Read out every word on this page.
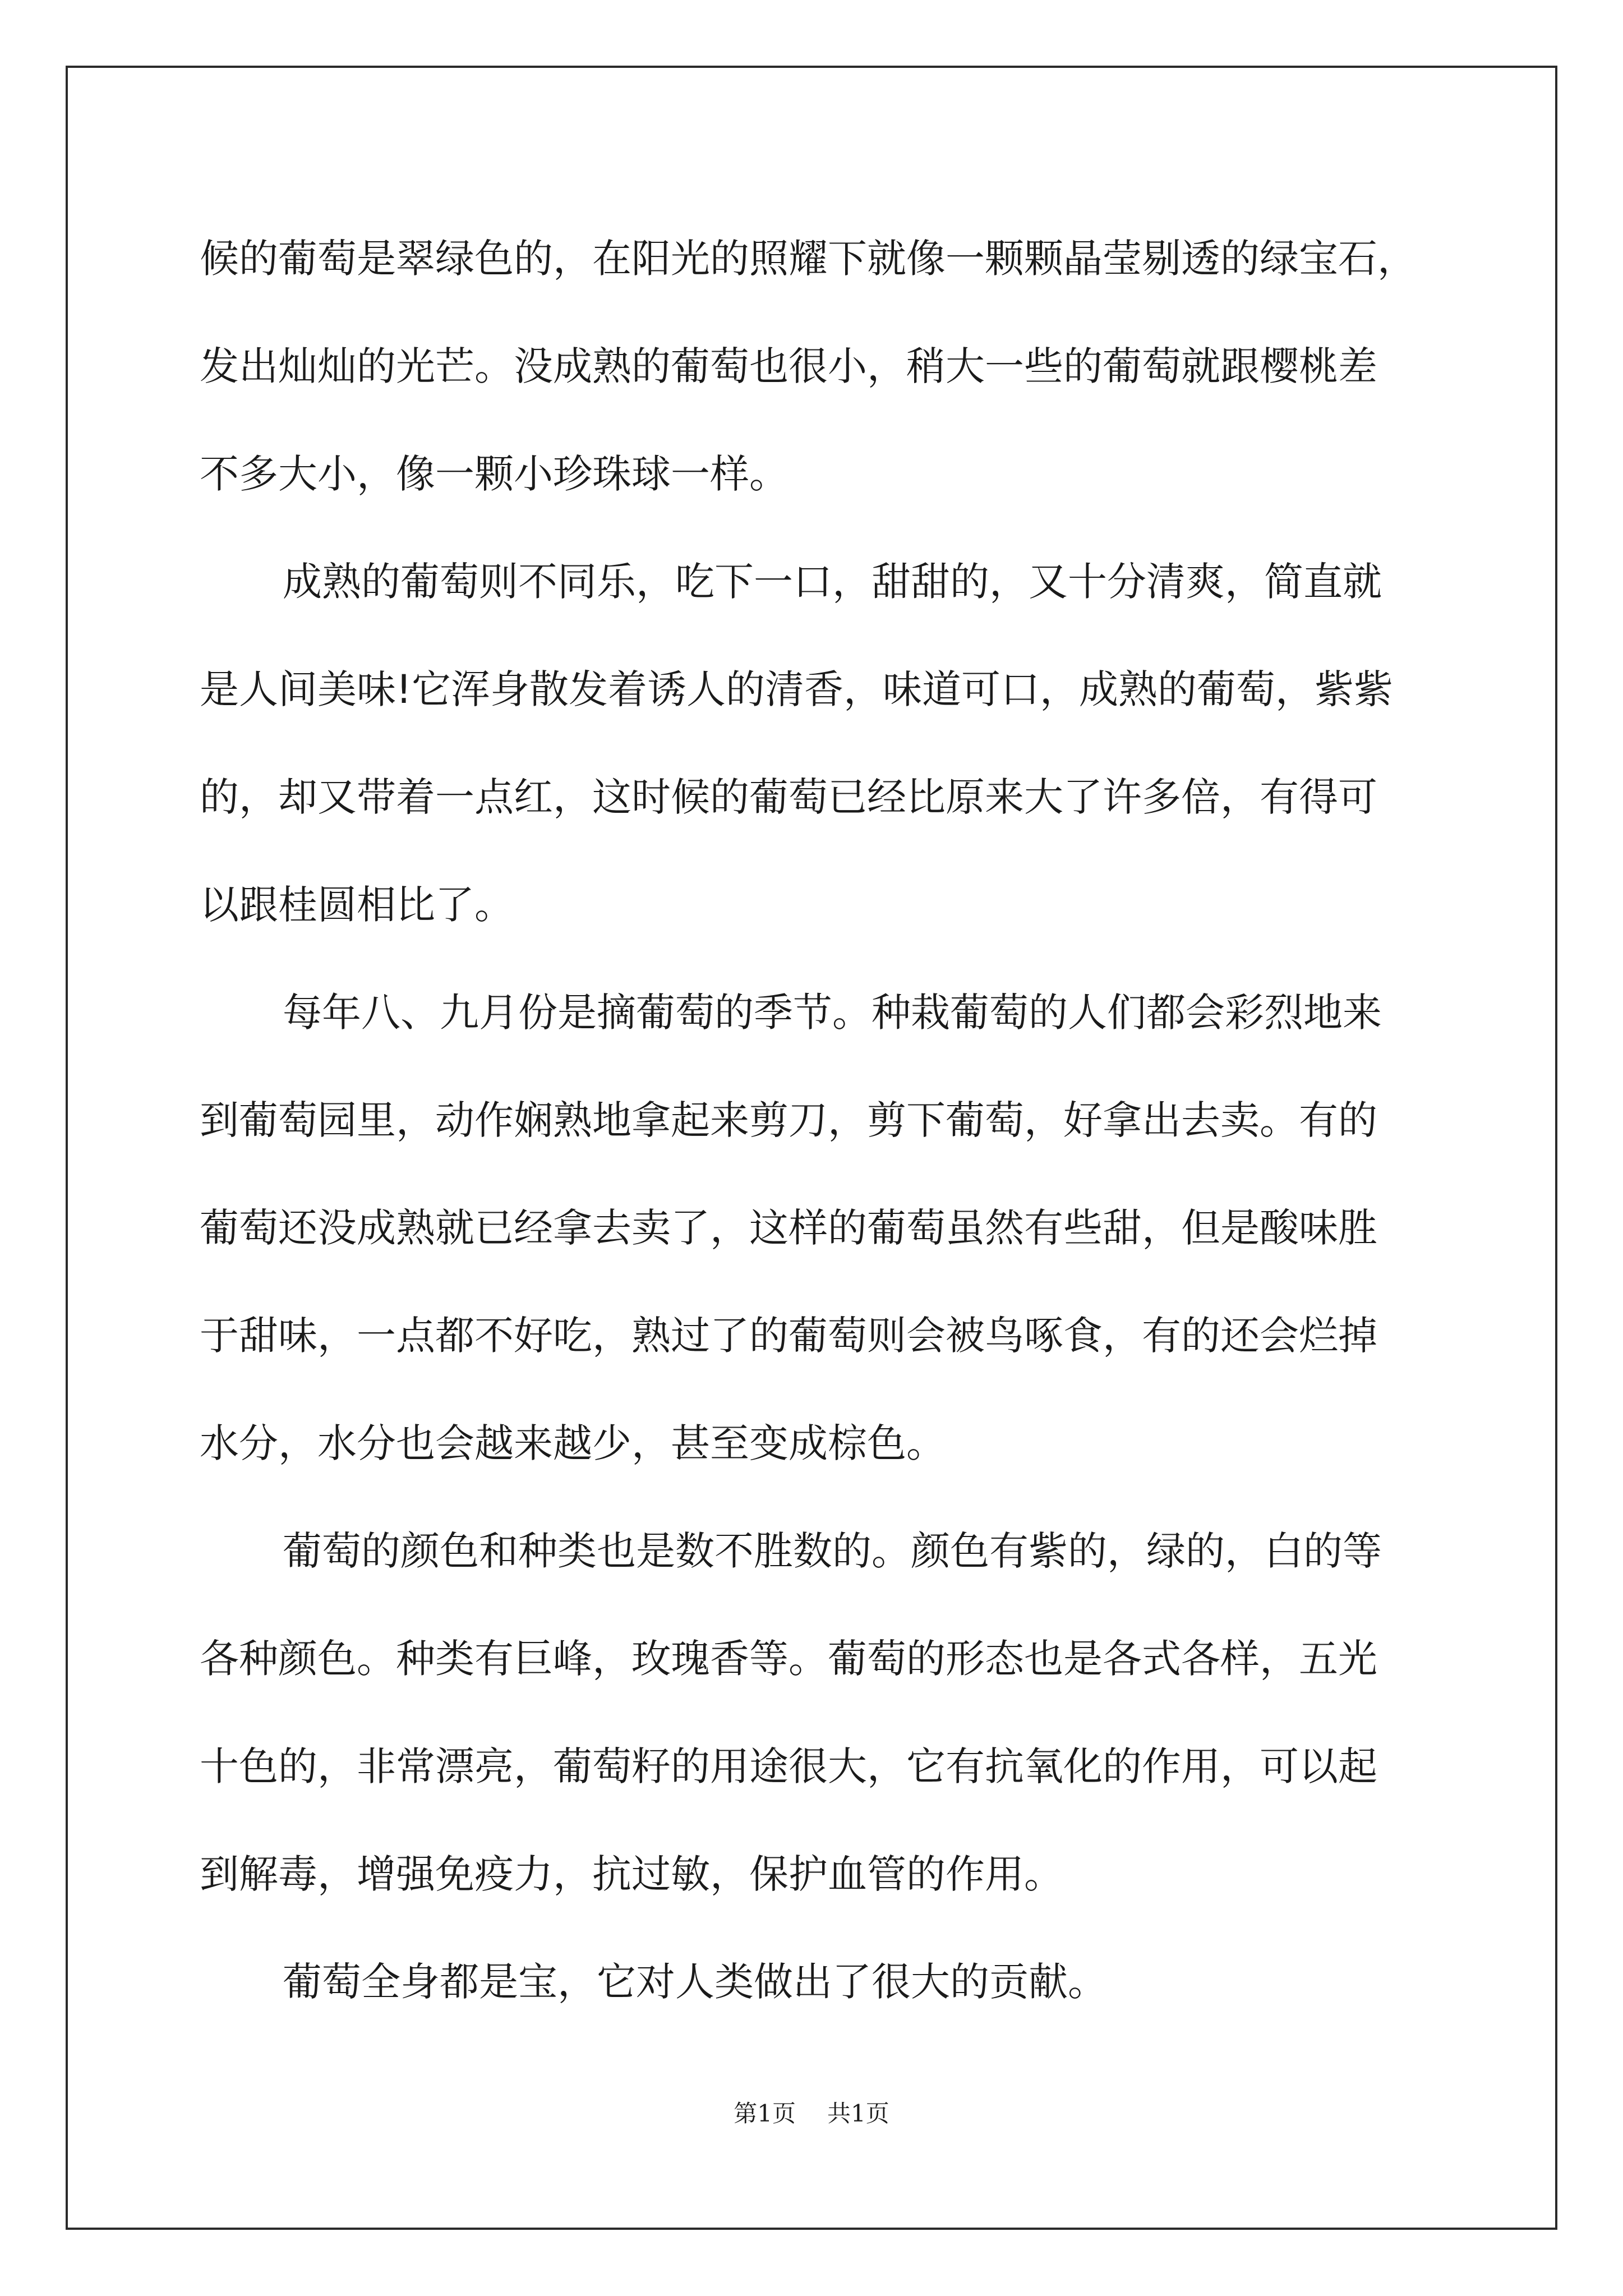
候的葡萄是翠绿色的，在阳光的照耀下就像一颗颗晶莹剔透的绿宝石，
发出灿灿的光芒。没成熟的葡萄也很小，稍大一些的葡萄就跟樱桃差
不多大小，像一颗小珍珠球一样。
成熟的葡萄则不同乐，吃下一口，甜甜的，又十分清爽，简直就
是人间美味!它浑身散发着诱人的清香，味道可口，成熟的葡萄，紫紫
的，却又带着一点红，这时候的葡萄已经比原来大了许多倍，有得可
以跟桂圆相比了。
每年八、九月份是摘葡萄的季节。种栽葡萄的人们都会彩烈地来
到葡萄园里，动作娴熟地拿起来剪刀，剪下葡萄，好拿出去卖。有的
葡萄还没成熟就已经拿去卖了，这样的葡萄虽然有些甜，但是酸味胜
于甜味，一点都不好吃，熟过了的葡萄则会被鸟啄食，有的还会烂掉
水分，水分也会越来越少，甚至变成棕色。
葡萄的颜色和种类也是数不胜数的。颜色有紫的，绿的，白的等
各种颜色。种类有巨峰，玫瑰香等。葡萄的形态也是各式各样，五光
十色的，非常漂亮，葡萄籽的用途很大，它有抗氧化的作用，可以起
到解毒，增强免疫力，抗过敏，保护血管的作用。
葡萄全身都是宝，它对人类做出了很大的贡献。
第1页 共1页
